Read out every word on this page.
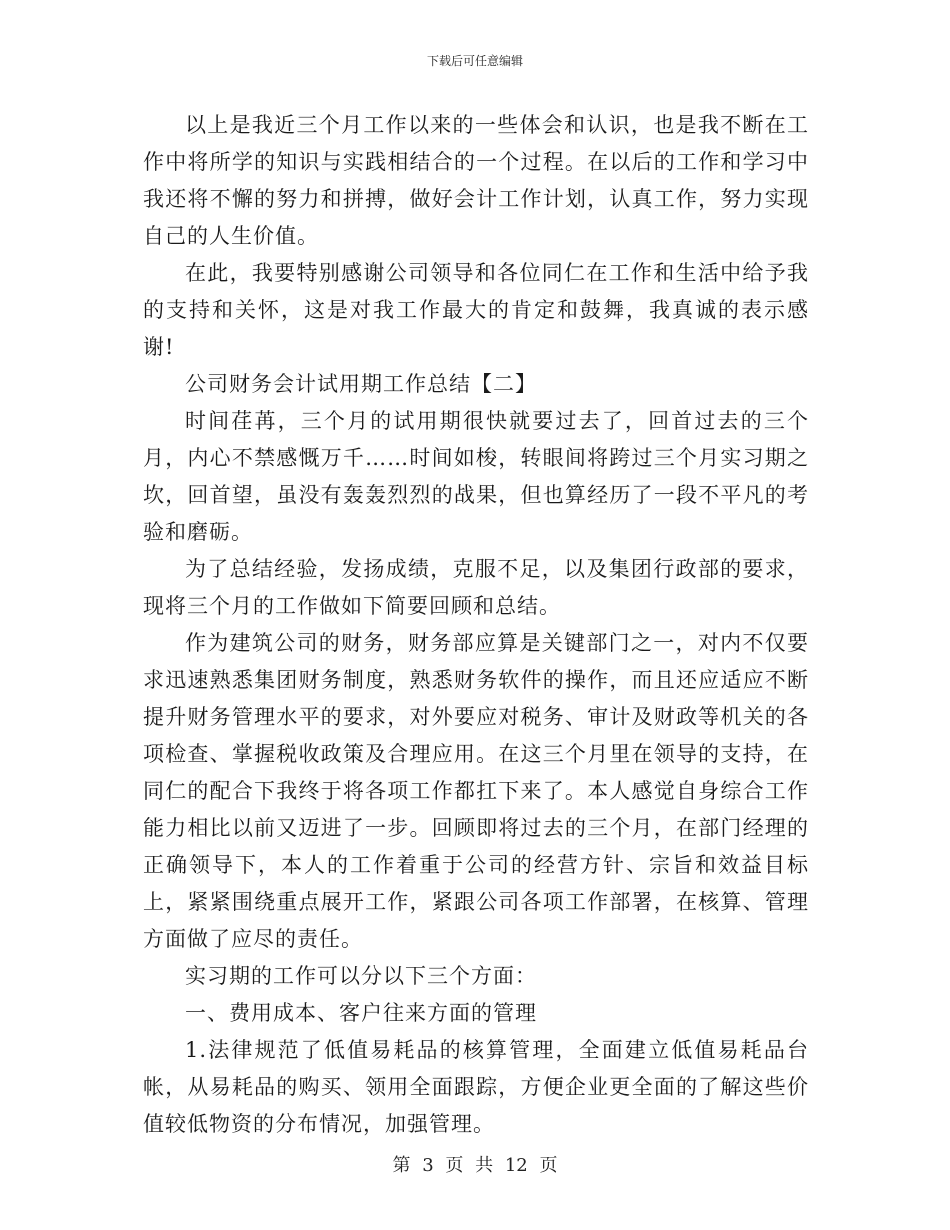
下载后可任意编辑

以上是我近三个月工作以来的一些体会和认识，也是我不断在工作中将所学的知识与实践相结合的一个过程。在以后的工作和学习中我还将不懈的努力和拼搏，做好会计工作计划，认真工作，努力实现自己的人生价值。

在此，我要特别感谢公司领导和各位同仁在工作和生活中给予我的支持和关怀，这是对我工作最大的肯定和鼓舞，我真诚的表示感谢!

公司财务会计试用期工作总结【二】

时间荏苒，三个月的试用期很快就要过去了，回首过去的三个月，内心不禁感慨万千……时间如梭，转眼间将跨过三个月实习期之坎，回首望，虽没有轰轰烈烈的战果，但也算经历了一段不平凡的考验和磨砺。

为了总结经验，发扬成绩，克服不足，以及集团行政部的要求，现将三个月的工作做如下简要回顾和总结。

作为建筑公司的财务，财务部应算是关键部门之一，对内不仅要求迅速熟悉集团财务制度，熟悉财务软件的操作，而且还应适应不断提升财务管理水平的要求，对外要应对税务、审计及财政等机关的各项检查、掌握税收政策及合理应用。在这三个月里在领导的支持，在同仁的配合下我终于将各项工作都扛下来了。本人感觉自身综合工作能力相比以前又迈进了一步。回顾即将过去的三个月，在部门经理的正确领导下，本人的工作着重于公司的经营方针、宗旨和效益目标上，紧紧围绕重点展开工作，紧跟公司各项工作部署，在核算、管理方面做了应尽的责任。

实习期的工作可以分以下三个方面：

一、费用成本、客户往来方面的管理

1.法律规范了低值易耗品的核算管理，全面建立低值易耗品台帐，从易耗品的购买、领用全面跟踪，方便企业更全面的了解这些价值较低物资的分布情况，加强管理。

第 3 页 共 12 页
